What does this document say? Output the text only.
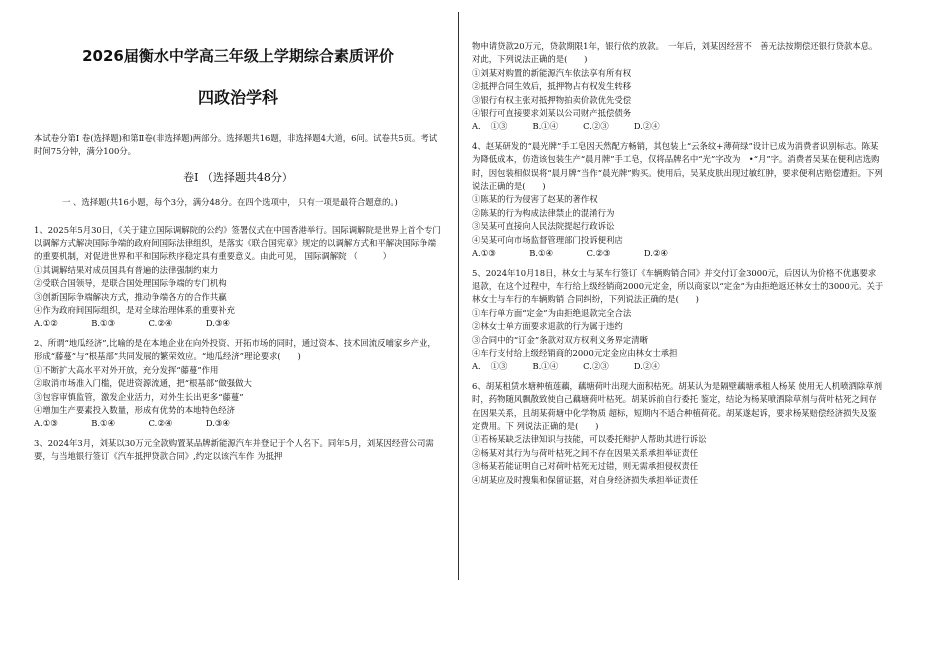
2026届衡水中学高三年级上学期综合素质评价
四政治学科

本试卷分第Ⅰ 卷(选择题)和第Ⅱ卷(非选择题)两部分。选择题共16题，非选择题4大道，6问。试卷共5页。考试时间75分钟，满分100分。

卷Ⅰ （选择题共48分）

一 、选择题(共16小题，每个3分，满分48分。在四个选项中， 只有一项是最符合题意的。)

1、2025年5月30日，《关于建立国际调解院的公约》签署仪式在中国香港举行。国际调解院是世界上首个专门以调解方式解决国际争端的政府间国际法律组织，是落实《联合国宪章》规定的以调解方式和平解决国际争端的重要机制，对促进世界和平和国际秩序稳定具有重要意义。由此可见， 国际调解院 （　　　）

①其调解结果对成员国具有普遍的法律强制约束力

②受联合国领导，是联合国处理国际争端的专门机构

③创新国际争端解决方式，推动争端各方的合作共赢

④作为政府间国际组织，是对全球治理体系的重要补充

A.①②　　　　B.①③　　　　C.②④　　　　D.③④

2、所谓“地瓜经济”,比喻的是在本地企业在向外投资、开拓市场的同时，通过资本、技术回流反哺家乡产业，形成“藤蔓”与“根基部”共同发展的繁荣效应。“地瓜经济”理论要求(　　)

①不断扩大高水平对外开放，充分发挥“藤蔓”作用

②取消市场准入门槛，促进资源流通，把“根基部”做强做大

③包容审慎监管，激发企业活力，对外生长出更多“藤蔓”

④增加生产要素投入数量，形成有优势的本地特色经济

A.①③　　　　B.①④　　　　C.②④　　　　D.③④

3、2024年3月，刘某以30万元全款购置某品牌新能源汽车并登记于个人名下。同年5月，刘某因经营公司需要，与当地银行签订《汽车抵押贷款合同》,约定以该汽车作 为抵押

物申请贷款20万元，贷款期限1年，银行依约放款。　一年后，刘某因经营不　善无法按期偿还银行贷款本息。对此，下列说法正确的是(　　)

①刘某对购置的新能源汽车依法享有所有权

②抵押合同生效后，抵押物占有权发生转移

③银行有权主张对抵押物拍卖价款优先受偿

④银行可直接要求刘某以公司财产抵偿债务

A．　①③　　　B.①④　　　C.②③　　　D.②④

4、赵某研发的“晨光牌”手工皂因天然配方畅销，其包装上“云条纹+薄荷绿”设计已成为消费者识别标志。陈某为降低成本，仿造该包装生产“晨月牌”手工皂，仅将品牌名中“光”字改为　•“月”字。消费者吴某在便利店选购时，因包装相似误将“晨月牌”当作“晨光牌”购买。使用后，吴某皮肤出现过敏红肿，要求便利店赔偿遭拒。下列说法正确的是(　　)

①陈某的行为侵害了赵某的著作权

②陈某的行为构成法律禁止的混淆行为

③吴某可直接向人民法院提起行政诉讼

④吴某可向市场监督管理部门投诉便利店

A.①③　　　　B.①④　　　　C.②③　　　　D.②④

5、2024年10月18日，林女士与某车行签订《车辆购销合同》并交付订金3000元，后因认为价格不优惠要求退款，在这个过程中，车行给上级经销商2000元定金，所以商家以“定金”为由拒绝返还林女士的3000元。关于林女士与车行的车辆购销 合同纠纷，下列说法正确的是(　　)

①车行单方面“定金”为由拒绝退款完全合法

②林女士单方面要求退款的行为属于违约

③合同中的“订金”条款对双方权利义务界定清晰

④车行支付给上级经销商的2000元定金应由林女士承担

A．　①③　　　B.①④　　　C.②③　　　D.②④

6、胡某租赁水塘种植莲藕，藕塘荷叶出现大面积枯死。胡某认为是隔壁藕塘承租人杨某 使用无人机喷洒除草剂时，药物随风飘散致使自己藕塘荷叶枯死。胡某诉前自行委托 鉴定，结论为杨某喷洒除草剂与荷叶枯死之间存在因果关系，且胡某荷塘中化学物质 超标，短期内不适合种植荷花。胡某遂起诉，要求杨某赔偿经济损失及鉴定费用。下 列说法正确的是(　　)

①若杨某缺乏法律知识与技能，可以委托辩护人帮助其进行诉讼

②杨某对其行为与荷叶枯死之间不存在因果关系承担举证责任

③杨某若能证明自己对荷叶枯死无过错，则无需承担侵权责任

④胡某应及时搜集和保留证据，对自身经济损失承担举证责任
